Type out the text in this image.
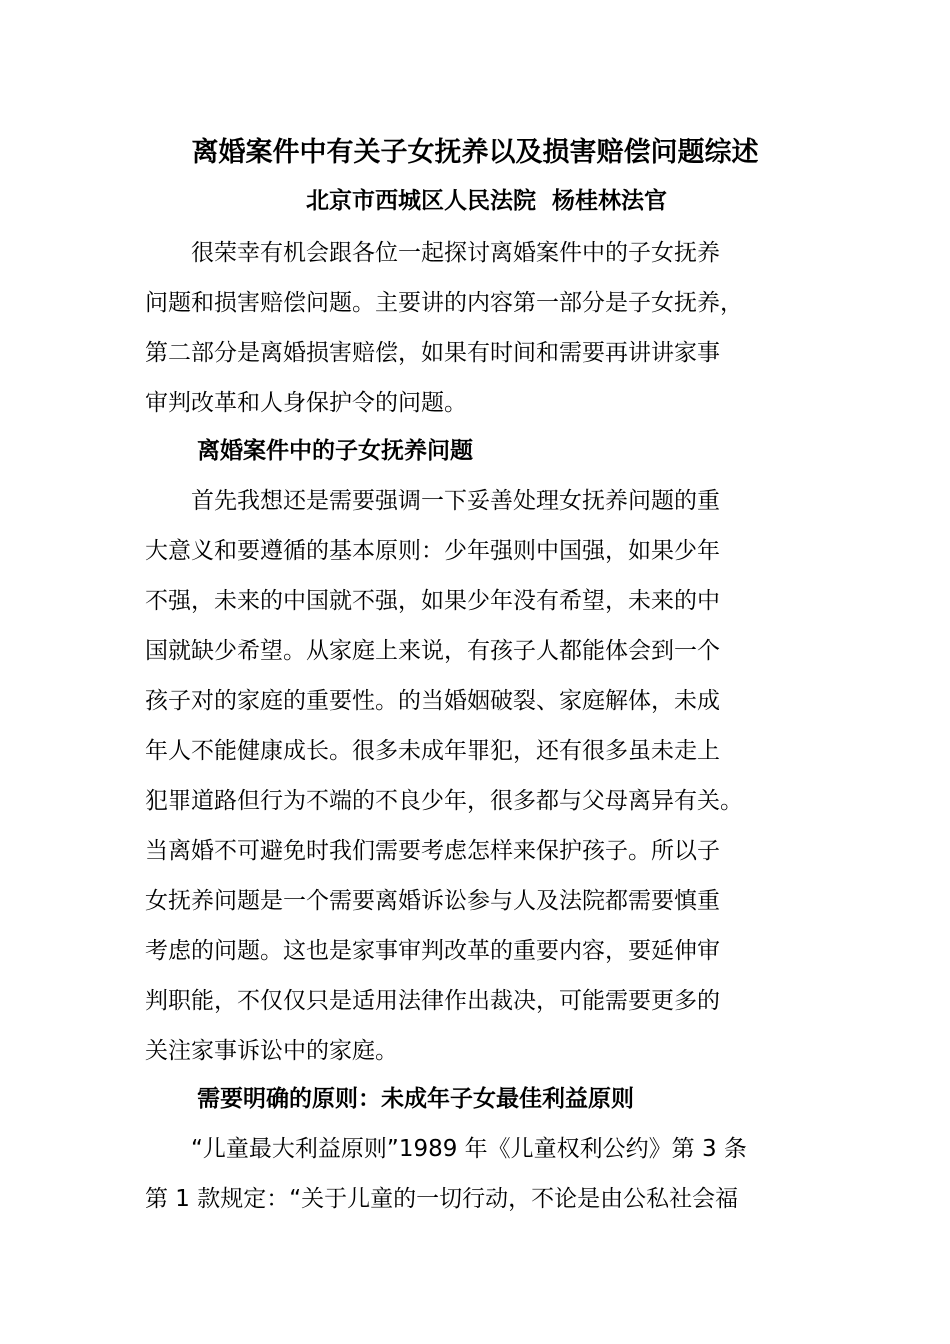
离婚案件中有关子女抚养以及损害赔偿问题综述

北京市西城区人民法院  杨桂林法官

　　很荣幸有机会跟各位一起探讨离婚案件中的子女抚养
问题和损害赔偿问题。主要讲的内容第一部分是子女抚养，
第二部分是离婚损害赔偿，如果有时间和需要再讲讲家事
审判改革和人身保护令的问题。
离婚案件中的子女抚养问题
　　首先我想还是需要强调一下妥善处理女抚养问题的重
大意义和要遵循的基本原则：少年强则中国强，如果少年
不强，未来的中国就不强，如果少年没有希望，未来的中
国就缺少希望。从家庭上来说，有孩子人都能体会到一个
孩子对的家庭的重要性。的当婚姻破裂、家庭解体，未成
年人不能健康成长。很多未成年罪犯，还有很多虽未走上
犯罪道路但行为不端的不良少年，很多都与父母离异有关。
当离婚不可避免时我们需要考虑怎样来保护孩子。所以子
女抚养问题是一个需要离婚诉讼参与人及法院都需要慎重
考虑的问题。这也是家事审判改革的重要内容，要延伸审
判职能，不仅仅只是适用法律作出裁决，可能需要更多的
关注家事诉讼中的家庭。
需要明确的原则：未成年子女最佳利益原则
　　“儿童最大利益原则”1989 年《儿童权利公约》第 3 条
第 1 款规定：“关于儿童的一切行动，不论是由公私社会福
